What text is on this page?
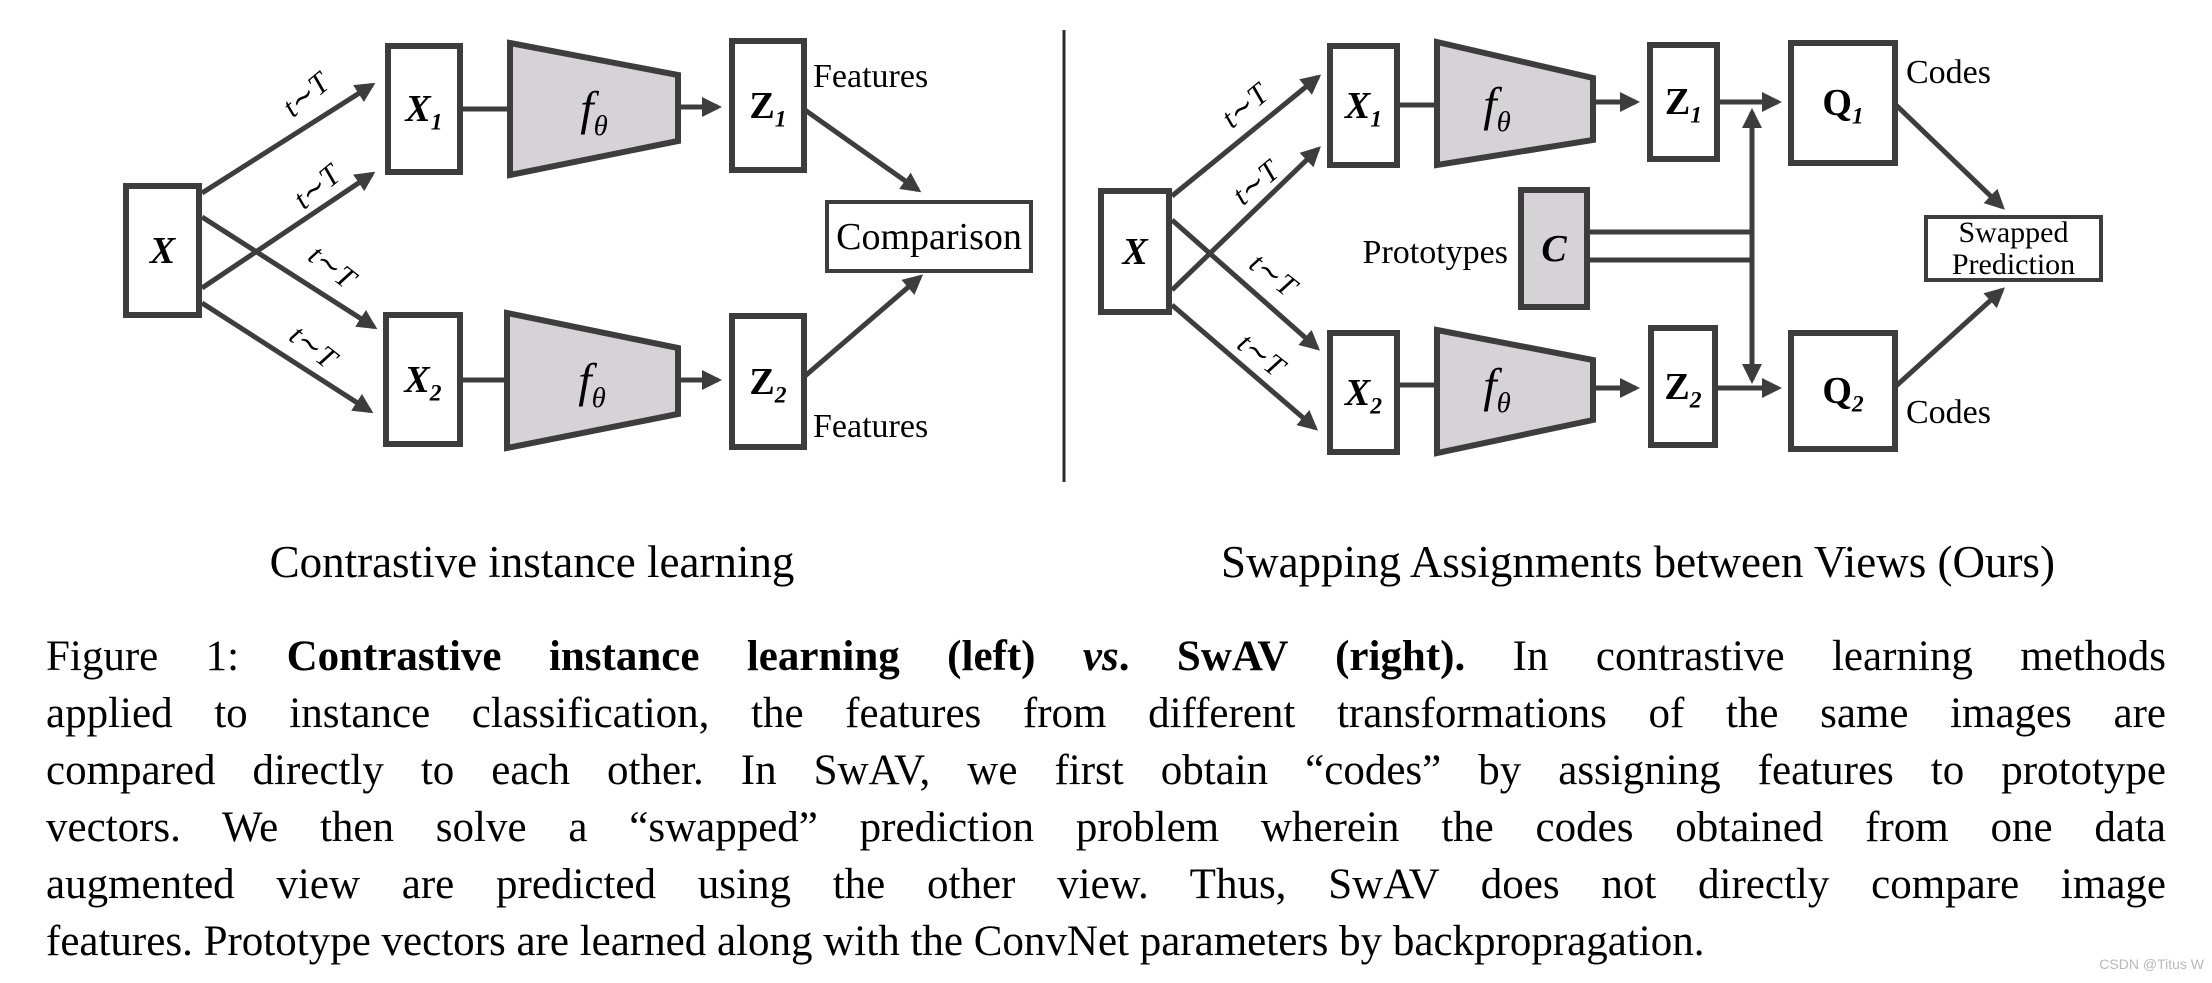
X
$X_1$
$X_2$
$Z_1$
$Z_2$
Comparison
$f_\theta$
$f_\theta$
Features
Features
t∼T
t∼T
t∼T
t∼T
X
$X_1$
$X_2$
C
$Z_1$
$Z_2$
$Q_1$
$Q_2$
Swapped
Prediction
$f_\theta$
$f_\theta$
Prototypes
Codes
Codes
t∼T
t∼T
t∼T
t∼T
Contrastive instance learning	Swapping Assignments between Views (Ours)
Figure 1: Contrastive instance learning (left) vs. SwAV (right). In contrastive learning methods
applied to instance classification, the features from different transformations of the same images are
compared directly to each other. In SwAV, we first obtain “codes” by assigning features to prototype
vectors. We then solve a “swapped” prediction problem wherein the codes obtained from one data
augmented view are predicted using the other view. Thus, SwAV does not directly compare image
features. Prototype vectors are learned along with the ConvNet parameters by backpropragation.	CSDN @Titus W
